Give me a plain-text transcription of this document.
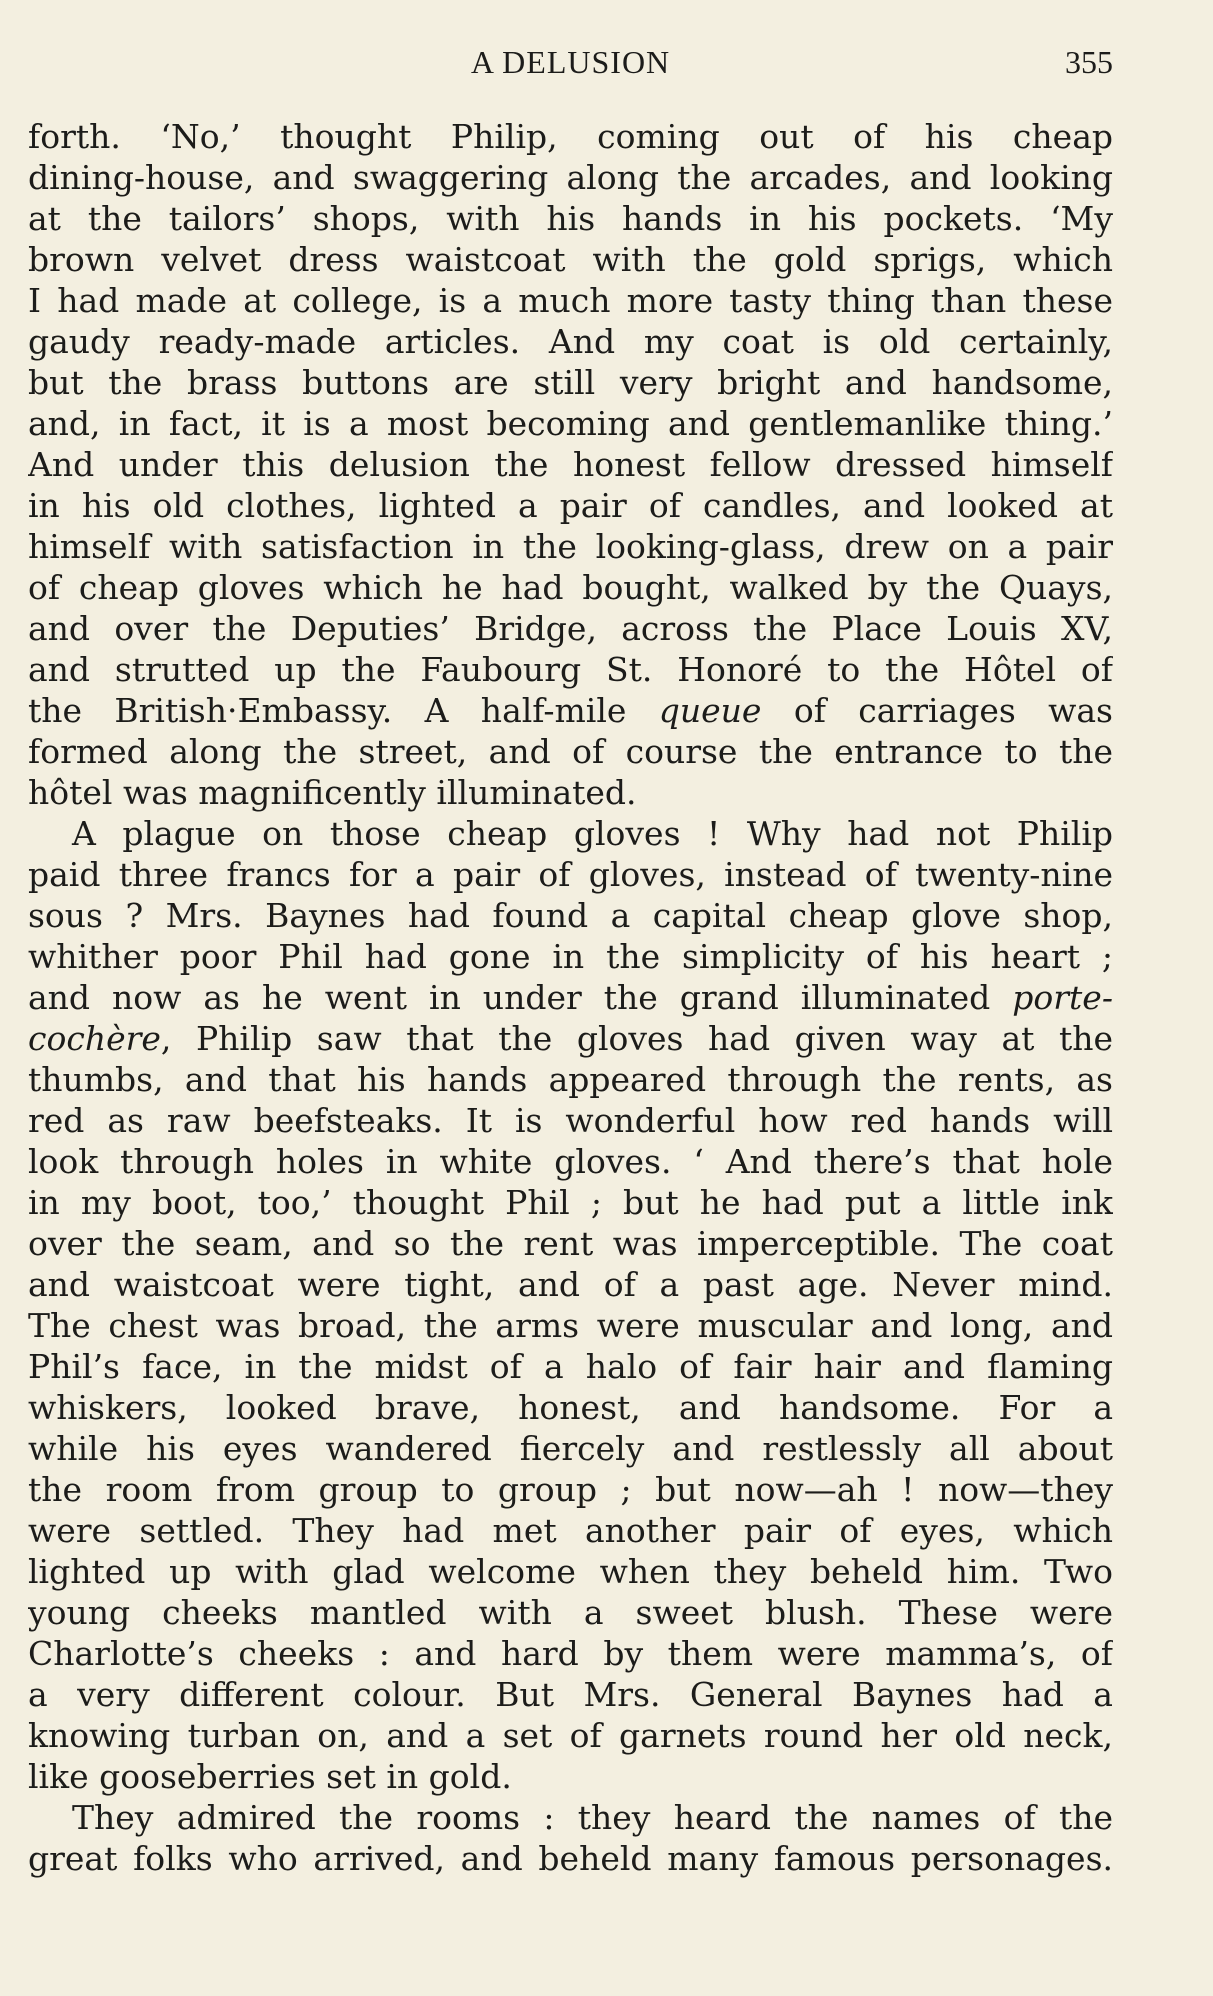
A DELUSION	355
forth. ‘No,’ thought Philip, coming out of his cheap
dining-house, and swaggering along the arcades, and looking
at the tailors’ shops, with his hands in his pockets. ‘My
brown velvet dress waistcoat with the gold sprigs, which
I had made at college, is a much more tasty thing than these
gaudy ready-made articles. And my coat is old certainly,
but the brass buttons are still very bright and handsome,
and, in fact, it is a most becoming and gentlemanlike thing.’
And under this delusion the honest fellow dressed himself
in his old clothes, lighted a pair of candles, and looked at
himself with satisfaction in the looking-glass, drew on a pair
of cheap gloves which he had bought, walked by the Quays,
and over the Deputies’ Bridge, across the Place Louis XV,
and strutted up the Faubourg St. Honoré to the Hôtel of
the British·Embassy. A half-mile queue of carriages was
formed along the street, and of course the entrance to the
hôtel was magnificently illuminated.
A plague on those cheap gloves ! Why had not Philip
paid three francs for a pair of gloves, instead of twenty-nine
sous ? Mrs. Baynes had found a capital cheap glove shop,
whither poor Phil had gone in the simplicity of his heart ;
and now as he went in under the grand illuminated porte-
cochère, Philip saw that the gloves had given way at the
thumbs, and that his hands appeared through the rents, as
red as raw beefsteaks. It is wonderful how red hands will
look through holes in white gloves. ‘ And there’s that hole
in my boot, too,’ thought Phil ; but he had put a little ink
over the seam, and so the rent was imperceptible. The coat
and waistcoat were tight, and of a past age. Never mind.
The chest was broad, the arms were muscular and long, and
Phil’s face, in the midst of a halo of fair hair and flaming
whiskers, looked brave, honest, and handsome. For a
while his eyes wandered fiercely and restlessly all about
the room from group to group ; but now—ah ! now—they
were settled. They had met another pair of eyes, which
lighted up with glad welcome when they beheld him. Two
young cheeks mantled with a sweet blush. These were
Charlotte’s cheeks : and hard by them were mamma’s, of
a very different colour. But Mrs. General Baynes had a
knowing turban on, and a set of garnets round her old neck,
like gooseberries set in gold.
They admired the rooms : they heard the names of the
great folks who arrived, and beheld many famous personages.
